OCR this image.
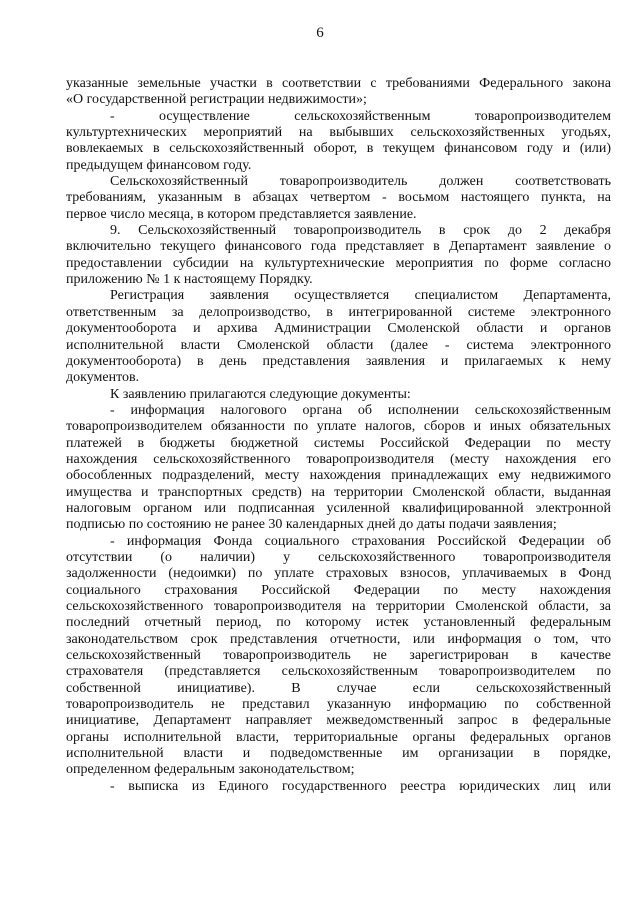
6
указанные земельные участки в соответствии с требованиями Федерального закона
«О государственной регистрации недвижимости»;
- осуществление сельскохозяйственным товаропроизводителем
культуртехнических мероприятий на выбывших сельскохозяйственных угодьях,
вовлекаемых в сельскохозяйственный оборот, в текущем финансовом году и (или)
предыдущем финансовом году.
Сельскохозяйственный товаропроизводитель должен соответствовать
требованиям, указанным в абзацах четвертом - восьмом настоящего пункта, на
первое число месяца, в котором представляется заявление.
9. Сельскохозяйственный товаропроизводитель в срок до 2 декабря
включительно текущего финансового года представляет в Департамент заявление о
предоставлении субсидии на культуртехнические мероприятия по форме согласно
приложению № 1 к настоящему Порядку.
Регистрация заявления осуществляется специалистом Департамента,
ответственным за делопроизводство, в интегрированной системе электронного
документооборота и архива Администрации Смоленской области и органов
исполнительной власти Смоленской области (далее - система электронного
документооборота) в день представления заявления и прилагаемых к нему
документов.
К заявлению прилагаются следующие документы:
- информация налогового органа об исполнении сельскохозяйственным
товаропроизводителем обязанности по уплате налогов, сборов и иных обязательных
платежей в бюджеты бюджетной системы Российской Федерации по месту
нахождения сельскохозяйственного товаропроизводителя (месту нахождения его
обособленных подразделений, месту нахождения принадлежащих ему недвижимого
имущества и транспортных средств) на территории Смоленской области, выданная
налоговым органом или подписанная усиленной квалифицированной электронной
подписью по состоянию не ранее 30 календарных дней до даты подачи заявления;
- информация Фонда социального страхования Российской Федерации об
отсутствии (о наличии) у сельскохозяйственного товаропроизводителя
задолженности (недоимки) по уплате страховых взносов, уплачиваемых в Фонд
социального страхования Российской Федерации по месту нахождения
сельскохозяйственного товаропроизводителя на территории Смоленской области, за
последний отчетный период, по которому истек установленный федеральным
законодательством срок представления отчетности, или информация о том, что
сельскохозяйственный товаропроизводитель не зарегистрирован в качестве
страхователя (представляется сельскохозяйственным товаропроизводителем по
собственной инициативе). В случае если сельскохозяйственный
товаропроизводитель не представил указанную информацию по собственной
инициативе, Департамент направляет межведомственный запрос в федеральные
органы исполнительной власти, территориальные органы федеральных органов
исполнительной власти и подведомственные им организации в порядке,
определенном федеральным законодательством;
- выписка из Единого государственного реестра юридических лиц или
